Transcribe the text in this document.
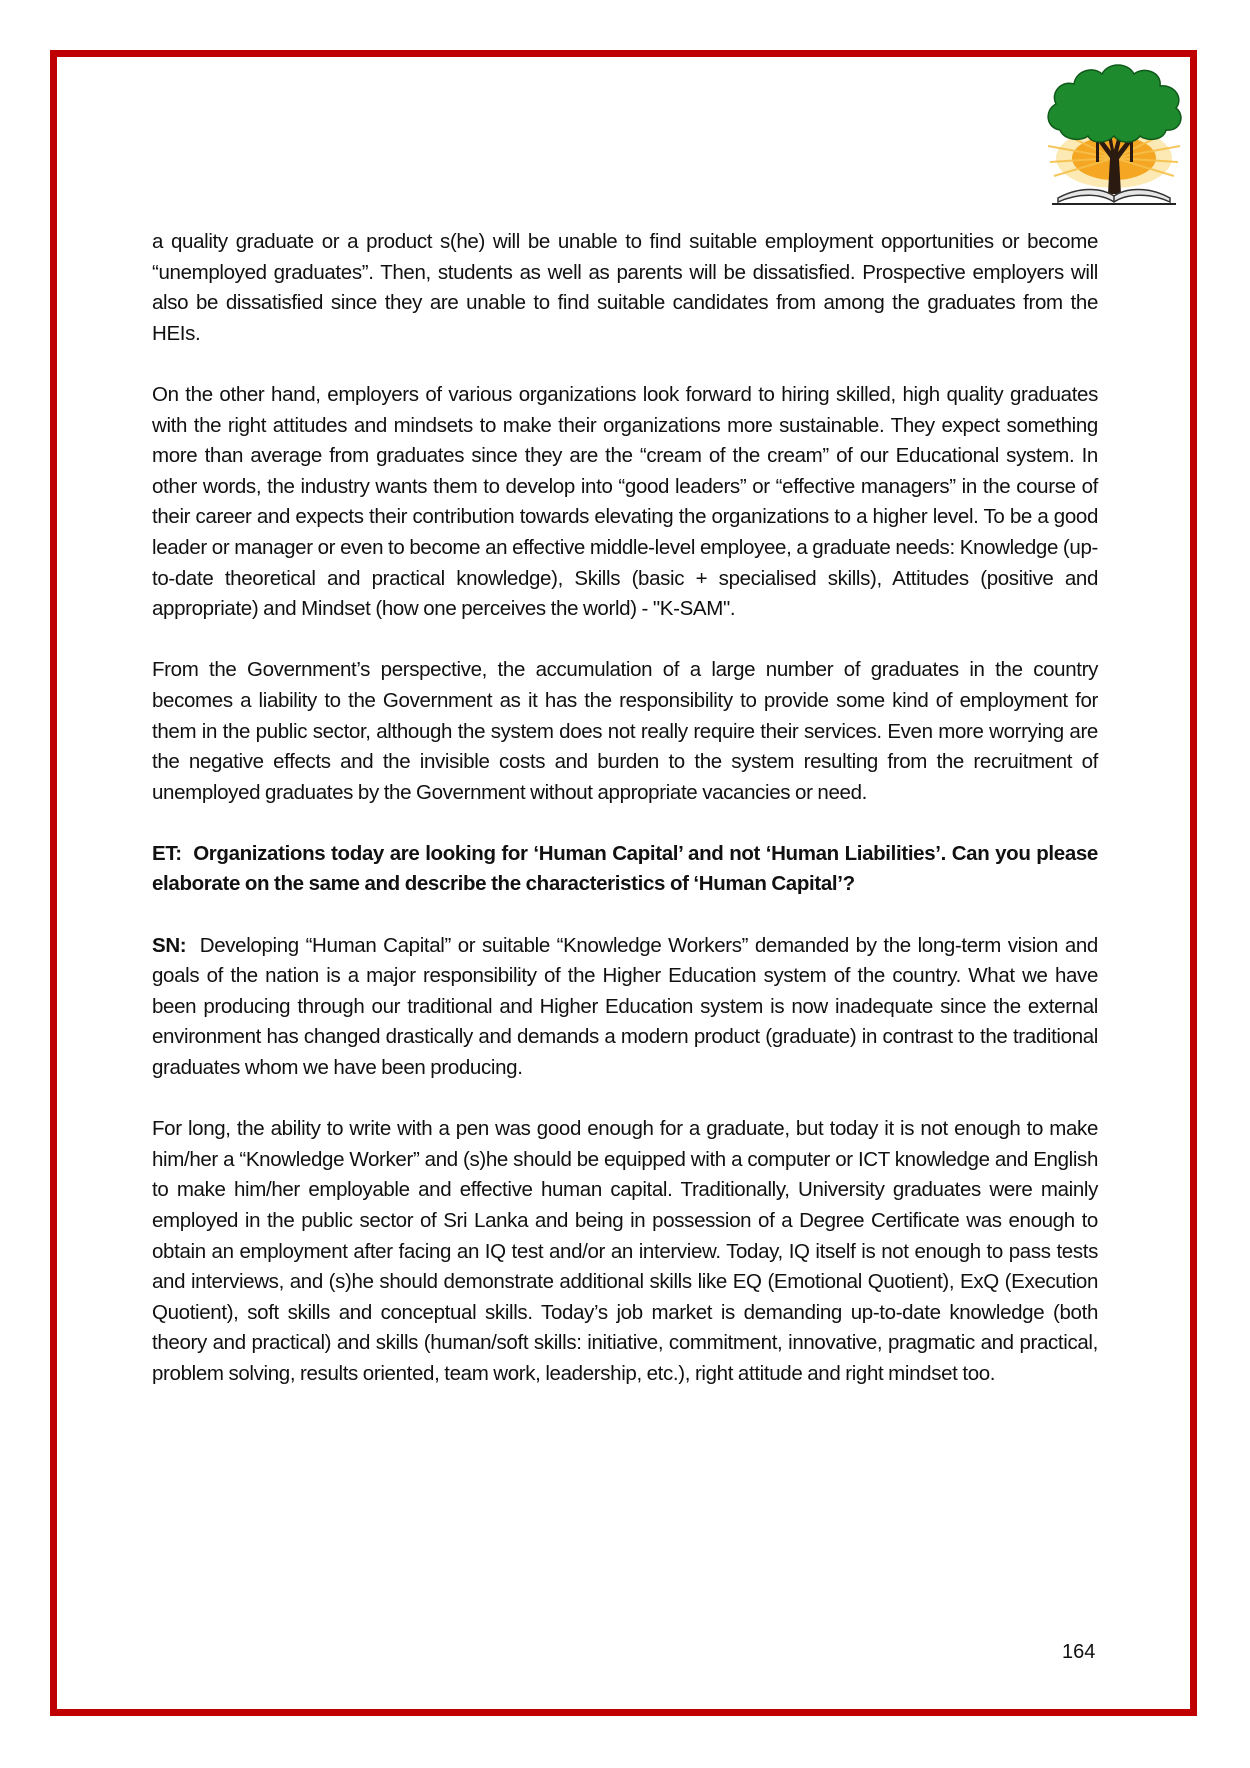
a quality graduate or a product s(he) will be unable to find suitable employment opportunities or become “unemployed graduates”. Then, students as well as parents will be dissatisfied. Prospective employers will also be dissatisfied since they are unable to find suitable candidates from among the graduates from the HEIs.

On the other hand, employers of various organizations look forward to hiring skilled, high quality graduates with the right attitudes and mindsets to make their organizations more sustainable. They expect something more than average from graduates since they are the “cream of the cream” of our Educational system. In other words, the industry wants them to develop into “good leaders” or “effective managers” in the course of their career and expects their contribution towards elevating the organizations to a higher level. To be a good leader or manager or even to become an effective middle-level employee, a graduate needs: Knowledge (up-to-date theoretical and practical knowledge), Skills (basic + specialised skills), Attitudes (positive and appropriate) and Mindset (how one perceives the world) - "K-SAM".

From the Government’s perspective, the accumulation of a large number of graduates in the country becomes a liability to the Government as it has the responsibility to provide some kind of employment for them in the public sector, although the system does not really require their services. Even more worrying are the negative effects and the invisible costs and burden to the system resulting from the recruitment of unemployed graduates by the Government without appropriate vacancies or need.

ET: Organizations today are looking for ‘Human Capital’ and not ‘Human Liabilities’. Can you please elaborate on the same and describe the characteristics of ‘Human Capital’?

SN: Developing “Human Capital” or suitable “Knowledge Workers” demanded by the long-term vision and goals of the nation is a major responsibility of the Higher Education system of the country. What we have been producing through our traditional and Higher Education system is now inadequate since the external environment has changed drastically and demands a modern product (graduate) in contrast to the traditional graduates whom we have been producing.

For long, the ability to write with a pen was good enough for a graduate, but today it is not enough to make him/her a “Knowledge Worker” and (s)he should be equipped with a computer or ICT knowledge and English to make him/her employable and effective human capital. Traditionally, University graduates were mainly employed in the public sector of Sri Lanka and being in possession of a Degree Certificate was enough to obtain an employment after facing an IQ test and/or an interview. Today, IQ itself is not enough to pass tests and interviews, and (s)he should demonstrate additional skills like EQ (Emotional Quotient), ExQ (Execution Quotient), soft skills and conceptual skills. Today’s job market is demanding up-to-date knowledge (both theory and practical) and skills (human/soft skills: initiative, commitment, innovative, pragmatic and practical, problem solving, results oriented, team work, leadership, etc.), right attitude and right mindset too.

164
